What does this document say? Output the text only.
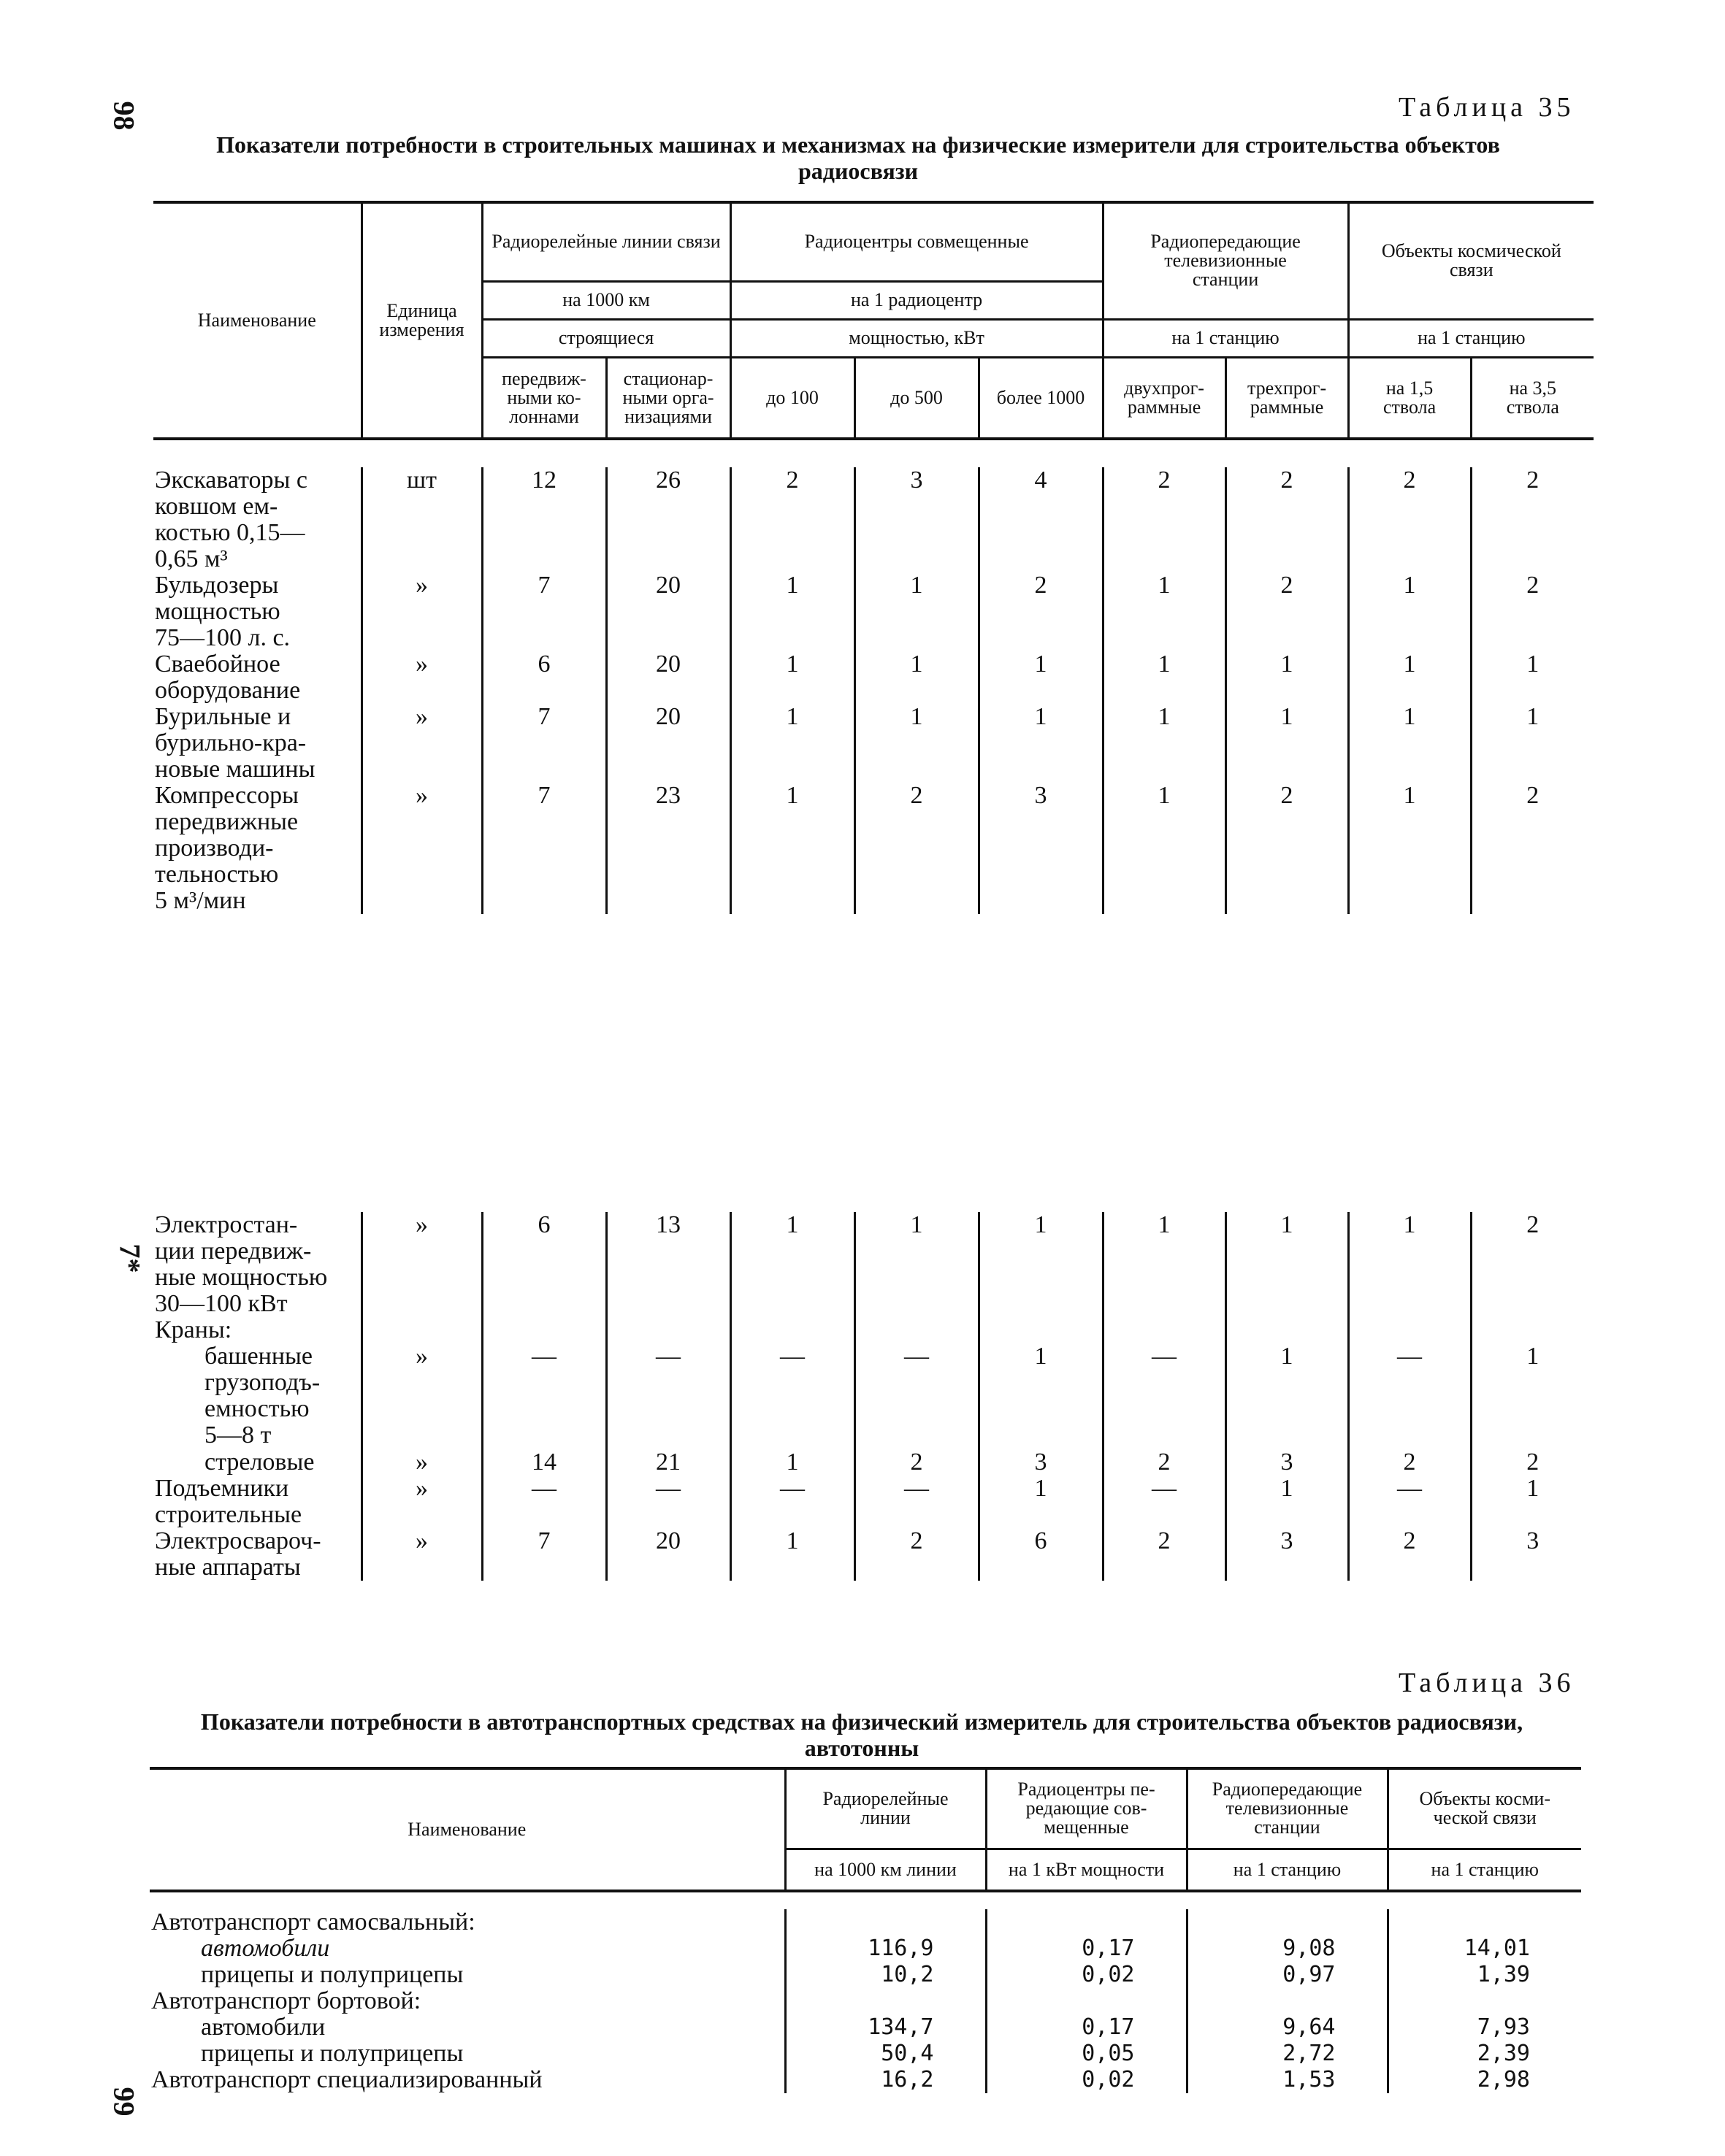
98
7*
99
Таблица 35
Показатели потребности в строительных машинах и механизмах на физические измерители для строительства объектов радиосвязи
Наименование	Единица измерения	Радиорелейные линии связи		Радиоцентры совмещенные			Радиопередающие
телевизионные
станции		Объекты космической
связи	
		на 1000 км		на 1 радиоцентр						
		строящиеся		мощностью, кВт			на 1 станцию		на 1 станцию	
		передвиж-
ными ко-
лоннами	стационар-
ными орга-
низациями	до 100	до 500	более 1000	двухпрог-
раммные	трехпрог-
раммные	на 1,5
ствола	на 3,5
ствола
Экскаваторы с ковшом ем-
костью 0,15—
0,65 м³	шт	12	26	2	3	4	2	2	2	2
Бульдозеры
мощностью
75—100 л. с.	»	7	20	1	1	2	1	2	1	2
Сваебойное
оборудование	»	6	20	1	1	1	1	1	1	1
Бурильные и
бурильно-кра-
новые машины	»	7	20	1	1	1	1	1	1	1
Компрессоры
передвижные
производи-
тельностью
5 м³/мин	»	7	23	1	2	3	1	2	1	2
Электростан-
ции передвиж-
ные мощностью
30—100 кВт	»	6	13	1	1	1	1	1	1	2
Краны:										
башенные
грузоподъ-
емностью
5—8 т	»	—	—	—	—	1	—	1	—	1
стреловые	»	14	21	1	2	3	2	3	2	2
Подъемники
строительные	»	—	—	—	—	1	—	1	—	1
Электросвароч-
ные аппараты	»	7	20	1	2	6	2	3	2	3
Таблица 36
Показатели потребности в автотранспортных средствах на физический измеритель для строительства объектов радиосвязи, автотонны
Наименование	Радиорелейные
линии	Радиоцентры пе-
редающие сов-
мещенные	Радиопередающие
телевизионные
станции	Объекты косми-
ческой связи
	на 1000 км линии	на 1 кВт мощности	на 1 станцию	на 1 станцию
Автотранспорт самосвальный:				
автомобили	116,9	0,17	9,08	14,01
прицепы и полуприцепы	10,2	0,02	0,97	1,39
Автотранспорт бортовой:				
автомобили	134,7	0,17	9,64	7,93
прицепы и полуприцепы	50,4	0,05	2,72	2,39
Автотранспорт специализированный	16,2	0,02	1,53	2,98
